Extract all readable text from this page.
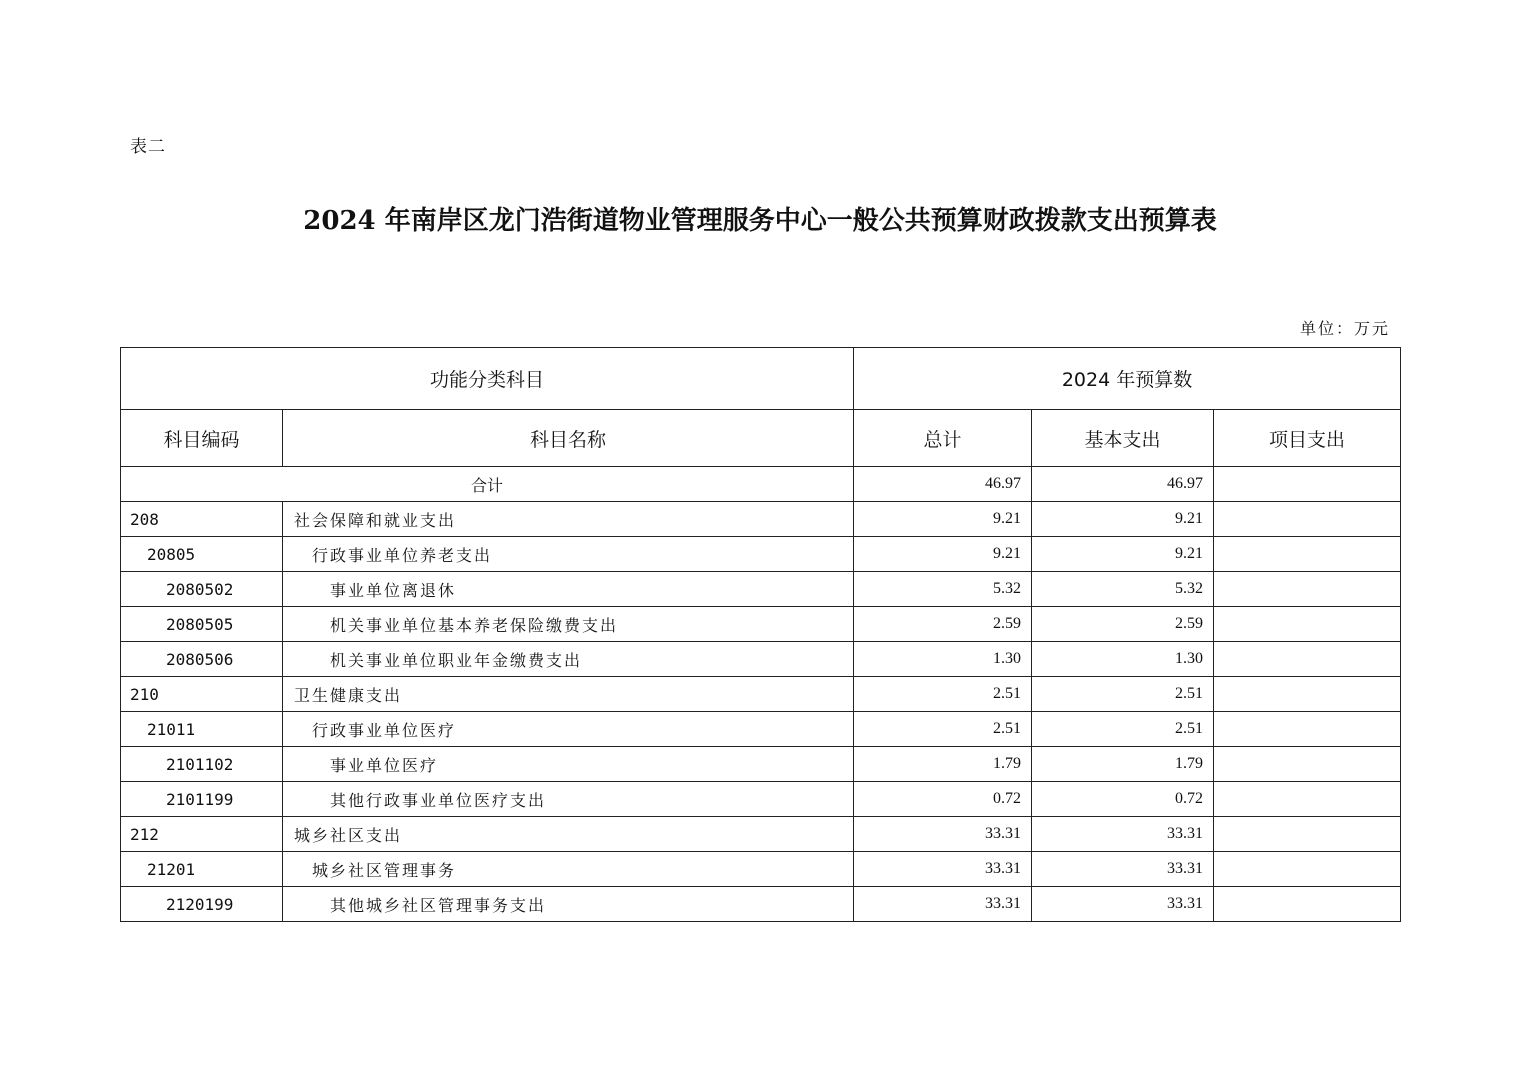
表二
2024 年南岸区龙门浩街道物业管理服务中心一般公共预算财政拨款支出预算表
单位：万元
功能分类科目		2024 年预算数		
科目编码	科目名称	总计	基本支出	项目支出
合计		46.97	46.97	
208	社会保障和就业支出	9.21	9.21	
20805	行政事业单位养老支出	9.21	9.21	
2080502	事业单位离退休	5.32	5.32	
2080505	机关事业单位基本养老保险缴费支出	2.59	2.59	
2080506	机关事业单位职业年金缴费支出	1.30	1.30	
210	卫生健康支出	2.51	2.51	
21011	行政事业单位医疗	2.51	2.51	
2101102	事业单位医疗	1.79	1.79	
2101199	其他行政事业单位医疗支出	0.72	0.72	
212	城乡社区支出	33.31	33.31	
21201	城乡社区管理事务	33.31	33.31	
2120199	其他城乡社区管理事务支出	33.31	33.31	
